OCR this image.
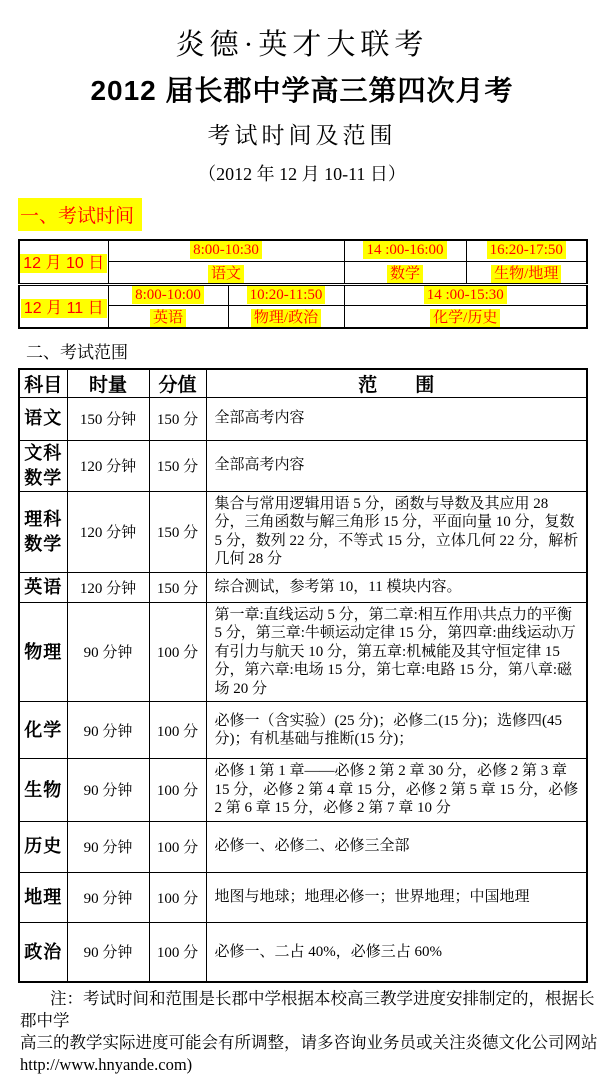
炎德·英才大联考
2012 届长郡中学高三第四次月考
考试时间及范围
（2012 年 12 月 10-11 日）
一、考试时间
12 月 10 日	8:00-10:30		14 :00-16:00	16:20-17:50
	语文		数学	生物/地理
12 月 11 日	8:00-10:00	10:20-11:50	14 :00-15:30	
	英语	物理/政治	化学/历史	
二、考试范围
科目	时量	分值	范　　围
语文	150 分钟	150 分	全部高考内容
文科
数学	120 分钟	150 分	全部高考内容
理科
数学	120 分钟	150 分	集合与常用逻辑用语 5 分，函数与导数及其应用 28 分，三角函数与解三角形 15 分，平面向量 10 分，复数 5 分，数列 22 分，不等式 15 分，立体几何 22 分，解析几何 28 分
英语	120 分钟	150 分	综合测试，参考第 10，11 模块内容。
物理	90 分钟	100 分	第一章:直线运动 5 分，第二章:相互作用\共点力的平衡 5 分，第三章:牛顿运动定律 15 分，第四章:曲线运动\万有引力与航天 10 分，第五章:机械能及其守恒定律 15 分，第六章:电场 15 分，第七章:电路 15 分，第八章:磁场 20 分
化学	90 分钟	100 分	必修一（含实验）(25 分)；必修二(15 分)；选修四(45 分)；有机基础与推断(15 分)；
生物	90 分钟	100 分	必修 1 第 1 章——必修 2 第 2 章 30 分，必修 2 第 3 章 15 分，必修 2 第 4 章 15 分，必修 2 第 5 章 15 分，必修 2 第 6 章 15 分，必修 2 第 7 章 10 分
历史	90 分钟	100 分	必修一、必修二、必修三全部
地理	90 分钟	100 分	地图与地球；地理必修一；世界地理；中国地理
政治	90 分钟	100 分	必修一、二占 40%，必修三占 60%
注：考试时间和范围是长郡中学根据本校高三教学进度安排制定的，根据长郡中学
高三的教学实际进度可能会有所调整，请多咨询业务员或关注炎德文化公司网站
http://www.hnyande.com)
